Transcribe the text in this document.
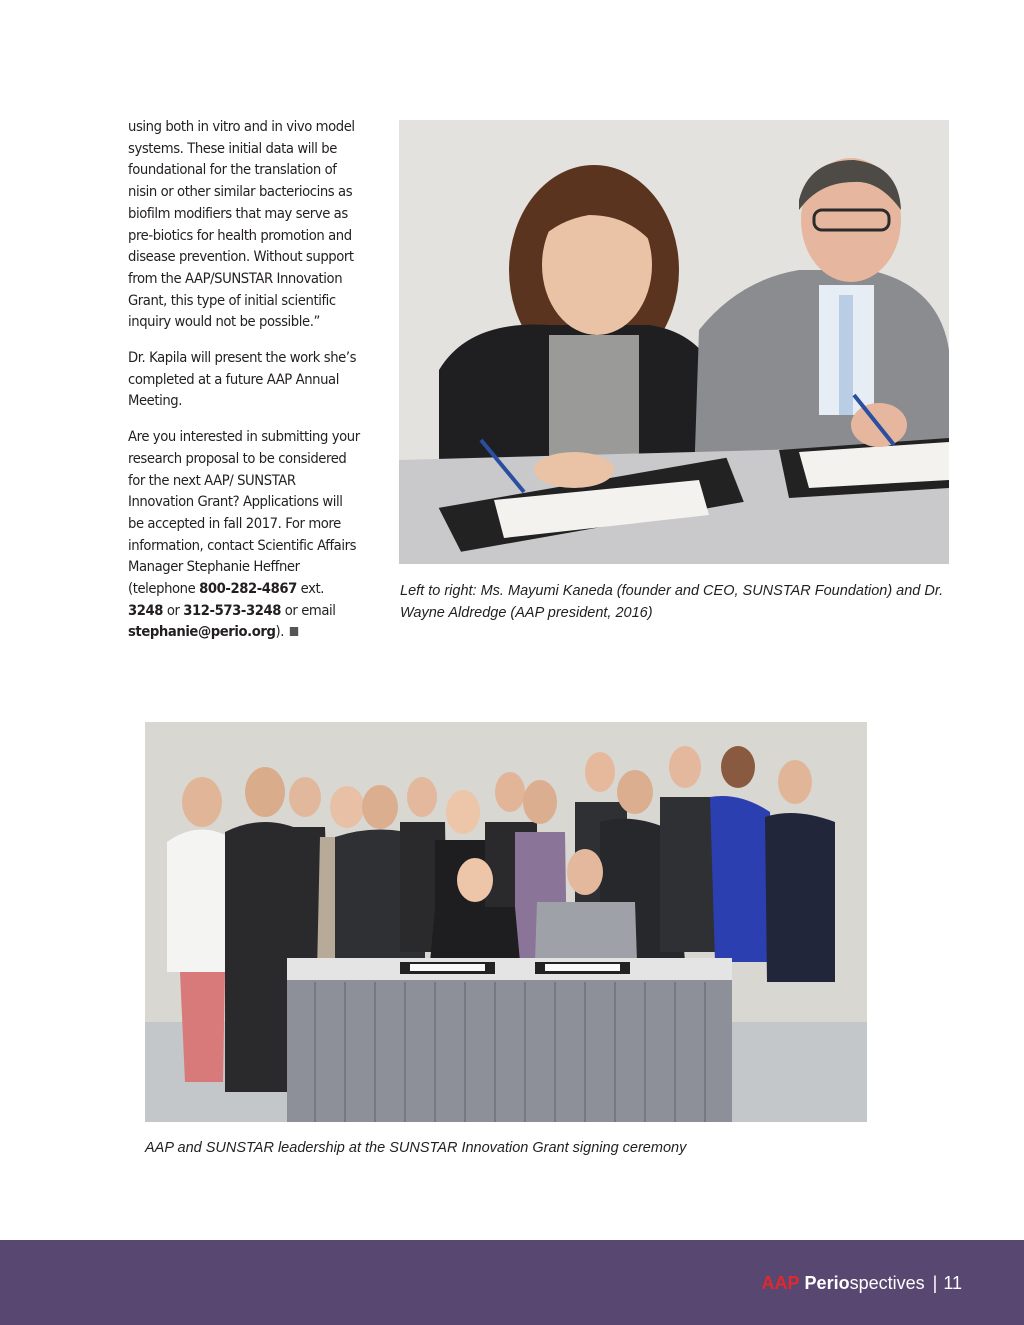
using both in vitro and in vivo model systems. These initial data will be foundational for the translation of nisin or other similar bacteriocins as biofilm modifiers that may serve as pre-biotics for health promotion and disease prevention. Without support from the AAP/SUNSTAR Innovation Grant, this type of initial scientific inquiry would not be possible.”

Dr. Kapila will present the work she’s completed at a future AAP Annual Meeting.

Are you interested in submitting your research proposal to be considered for the next AAP/ SUNSTAR Innovation Grant? Applications will be accepted in fall 2017. For more information, contact Scientific Affairs Manager Stephanie Heffner (telephone 800-282-4867 ext. 3248 or 312-573-3248 or email stephanie@perio.org).

Left to right: Ms. Mayumi Kaneda (founder and CEO, SUNSTAR Foundation) and Dr. Wayne Aldredge (AAP president, 2016)
AAP and SUNSTAR leadership at the SUNSTAR Innovation Grant signing ceremony
AAP Periospectives | 11
